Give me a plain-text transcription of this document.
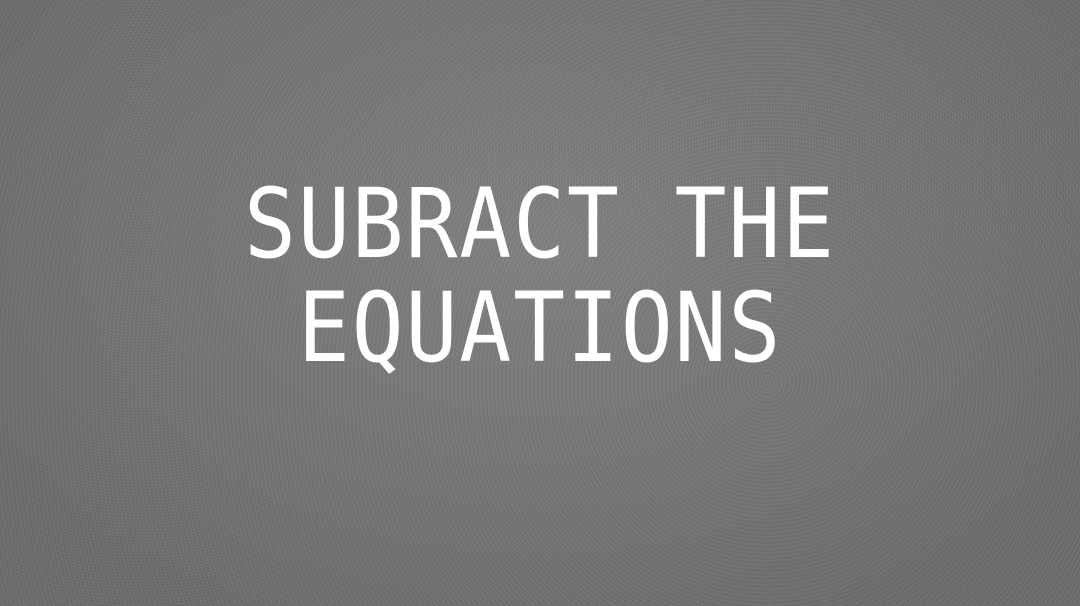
SUBRACT THE
EQUATIONS
